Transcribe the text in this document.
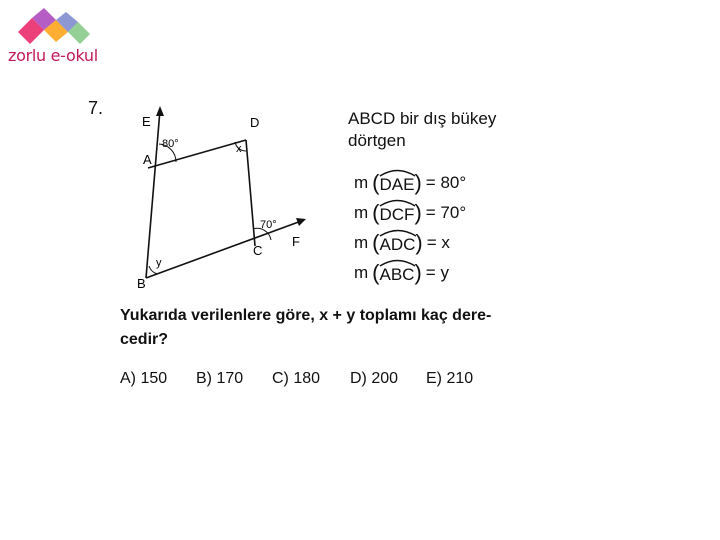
zorlu e-okul
7.
E	D
A
B
C
F
80°	x
70°
y
ABCD bir dış bükey
dörtgen
m (
DAE) = 80°
m (
DCF) = 70°
m (
ADC) = x
m (
ABC) = y
Yukarıda verilenlere göre, x + y toplamı kaç dere-
cedir?
A) 150 B) 170 C) 180 D) 200 E) 210
